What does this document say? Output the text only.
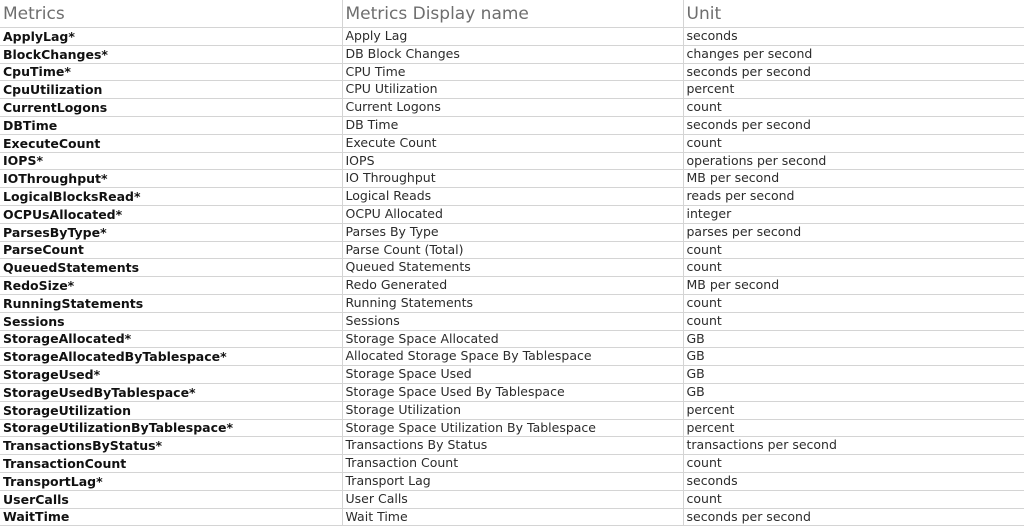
Metrics	Metrics Display name	Unit
ApplyLag*	Apply Lag	seconds
BlockChanges*	DB Block Changes	changes per second
CpuTime*	CPU Time	seconds per second
CpuUtilization	CPU Utilization	percent
CurrentLogons	Current Logons	count
DBTime	DB Time	seconds per second
ExecuteCount	Execute Count	count
IOPS*	IOPS	operations per second
IOThroughput*	IO Throughput	MB per second
LogicalBlocksRead*	Logical Reads	reads per second
OCPUsAllocated*	OCPU Allocated	integer
ParsesByType*	Parses By Type	parses per second
ParseCount	Parse Count (Total)	count
QueuedStatements	Queued Statements	count
RedoSize*	Redo Generated	MB per second
RunningStatements	Running Statements	count
Sessions	Sessions	count
StorageAllocated*	Storage Space Allocated	GB
StorageAllocatedByTablespace*	Allocated Storage Space By Tablespace	GB
StorageUsed*	Storage Space Used	GB
StorageUsedByTablespace*	Storage Space Used By Tablespace	GB
StorageUtilization	Storage Utilization	percent
StorageUtilizationByTablespace*	Storage Space Utilization By Tablespace	percent
TransactionsByStatus*	Transactions By Status	transactions per second
TransactionCount	Transaction Count	count
TransportLag*	Transport Lag	seconds
UserCalls	User Calls	count
WaitTime	Wait Time	seconds per second
